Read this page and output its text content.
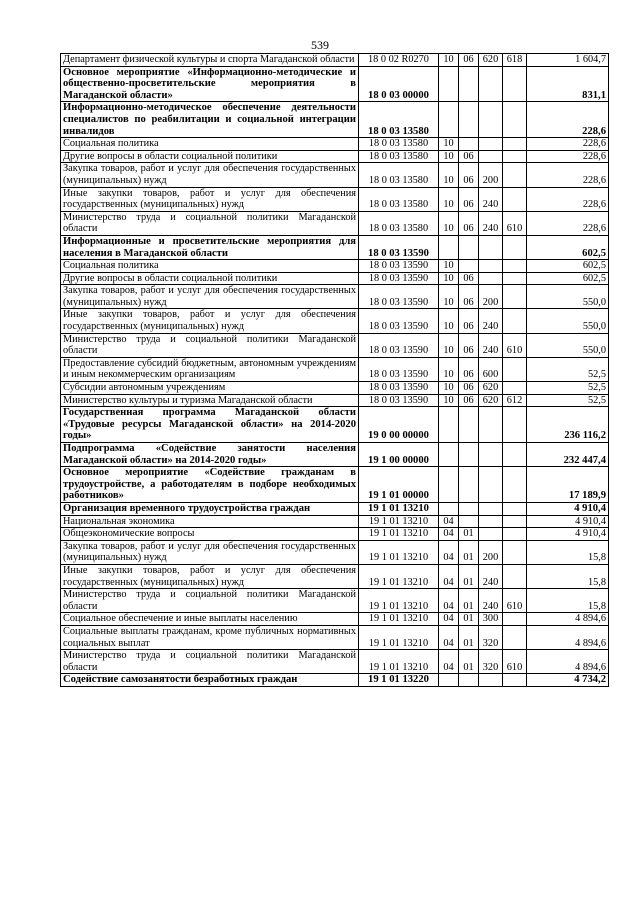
539
Департамент физической культуры и спорта Магаданской области	18 0 02 R0270	10	06	620	618	1 604,7
Основное мероприятие «Информационно-методические и общественно-просветительские мероприятия в Магаданской области»	18 0 03 00000					831,1
Информационно-методическое обеспечение деятельности специалистов по реабилитации и социальной интеграции инвалидов	18 0 03 13580					228,6
Социальная политика	18 0 03 13580	10				228,6
Другие вопросы в области социальной политики	18 0 03 13580	10	06			228,6
Закупка товаров, работ и услуг для обеспечения государственных (муниципальных) нужд	18 0 03 13580	10	06	200		228,6
Иные закупки товаров, работ и услуг для обеспечения государственных (муниципальных) нужд	18 0 03 13580	10	06	240		228,6
Министерство труда и социальной политики Магаданской области	18 0 03 13580	10	06	240	610	228,6
Информационные и просветительские мероприятия для населения в Магаданской области	18 0 03 13590					602,5
Социальная политика	18 0 03 13590	10				602,5
Другие вопросы в области социальной политики	18 0 03 13590	10	06			602,5
Закупка товаров, работ и услуг для обеспечения государственных (муниципальных) нужд	18 0 03 13590	10	06	200		550,0
Иные закупки товаров, работ и услуг для обеспечения государственных (муниципальных) нужд	18 0 03 13590	10	06	240		550,0
Министерство труда и социальной политики Магаданской области	18 0 03 13590	10	06	240	610	550,0
Предоставление субсидий бюджетным, автономным учреждениям и иным некоммерческим организациям	18 0 03 13590	10	06	600		52,5
Субсидии автономным учреждениям	18 0 03 13590	10	06	620		52,5
Министерство культуры и туризма Магаданской области	18 0 03 13590	10	06	620	612	52,5
Государственная программа Магаданской области «Трудовые ресурсы Магаданской области» на 2014-2020 годы»	19 0 00 00000					236 116,2
Подпрограмма «Содействие занятости населения Магаданской области» на 2014-2020 годы»	19 1 00 00000					232 447,4
Основное мероприятие «Содействие гражданам в трудоустройстве, а работодателям в подборе необходимых работников»	19 1 01 00000					17 189,9
Организация временного трудоустройства граждан	19 1 01 13210					4 910,4
Национальная экономика	19 1 01 13210	04				4 910,4
Общеэкономические вопросы	19 1 01 13210	04	01			4 910,4
Закупка товаров, работ и услуг для обеспечения государственных (муниципальных) нужд	19 1 01 13210	04	01	200		15,8
Иные закупки товаров, работ и услуг для обеспечения государственных (муниципальных) нужд	19 1 01 13210	04	01	240		15,8
Министерство труда и социальной политики Магаданской области	19 1 01 13210	04	01	240	610	15,8
Социальное обеспечение и иные выплаты населению	19 1 01 13210	04	01	300		4 894,6
Социальные выплаты гражданам, кроме публичных нормативных социальных выплат	19 1 01 13210	04	01	320		4 894,6
Министерство труда и социальной политики Магаданской области	19 1 01 13210	04	01	320	610	4 894,6
Содействие самозанятости безработных граждан	19 1 01 13220					4 734,2
